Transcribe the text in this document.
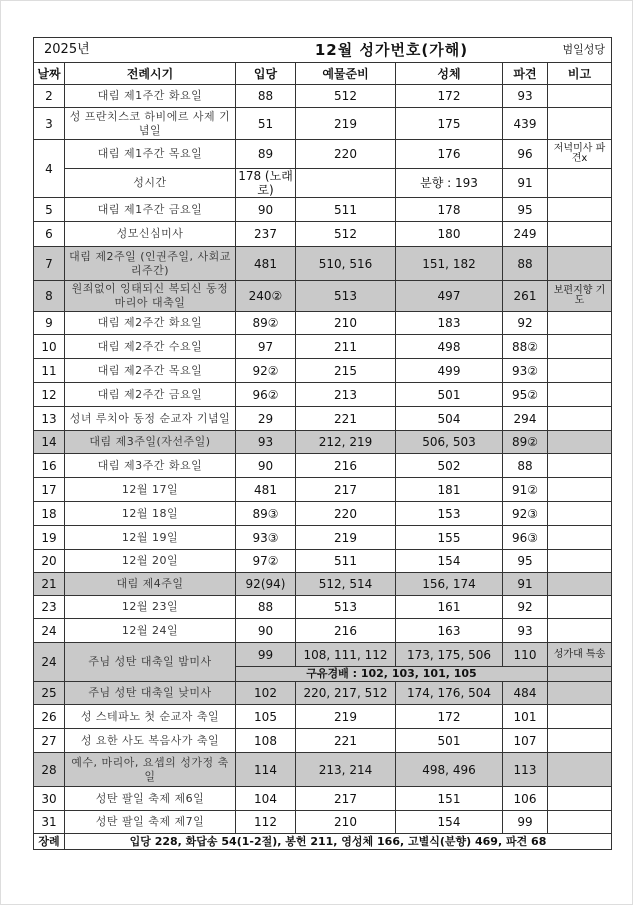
2025년		12월 성가번호(가해)				범일성당
날짜	전례시기	입당	예물준비	성체	파견	비고
2	대림 제1주간 화요일	88	512	172	93	
3	성 프란치스코 하비에르 사제 기념일	51	219	175	439	
4	대림 제1주간 목요일	89	220	176	96	저녁미사 파견x
	성시간	178 (노래로)		분향 : 193	91	
5	대림 제1주간 금요일	90	511	178	95	
6	성모신심미사	237	512	180	249	
7	대림 제2주일 (인권주일, 사회교리주간)	481	510, 516	151, 182	88	
8	원죄없이 잉태되신 복되신 동정 마리아 대축일	240②	513	497	261	보편지향 기도
9	대림 제2주간 화요일	89②	210	183	92	
10	대림 제2주간 수요일	97	211	498	88②	
11	대림 제2주간 목요일	92②	215	499	93②	
12	대림 제2주간 금요일	96②	213	501	95②	
13	성녀 루치아 동정 순교자 기념일	29	221	504	294	
14	대림 제3주일(자선주일)	93	212, 219	506, 503	89②	
16	대림 제3주간 화요일	90	216	502	88	
17	12월 17일	481	217	181	91②	
18	12월 18일	89③	220	153	92③	
19	12월 19일	93③	219	155	96③	
20	12월 20일	97②	511	154	95	
21	대림 제4주일	92(94)	512, 514	156, 174	91	
23	12월 23일	88	513	161	92	
24	12월 24일	90	216	163	93	
24	주님 성탄 대축일 밤미사	99	108, 111, 112	173, 175, 506	110	성가대 특송
		구유경배 : 102, 103, 101, 105				
25	주님 성탄 대축일 낮미사	102	220, 217, 512	174, 176, 504	484	
26	성 스테파노 첫 순교자 축일	105	219	172	101	
27	성 요한 사도 복음사가 축일	108	221	501	107	
28	예수, 마리아, 요셉의 성가정 축일	114	213, 214	498, 496	113	
30	성탄 팔일 축제 제6일	104	217	151	106	
31	성탄 팔일 축제 제7일	112	210	154	99	
장례	입당 228, 화답송 54(1-2절), 봉헌 211, 영성체 166, 고별식(분향) 469, 파견 68					
